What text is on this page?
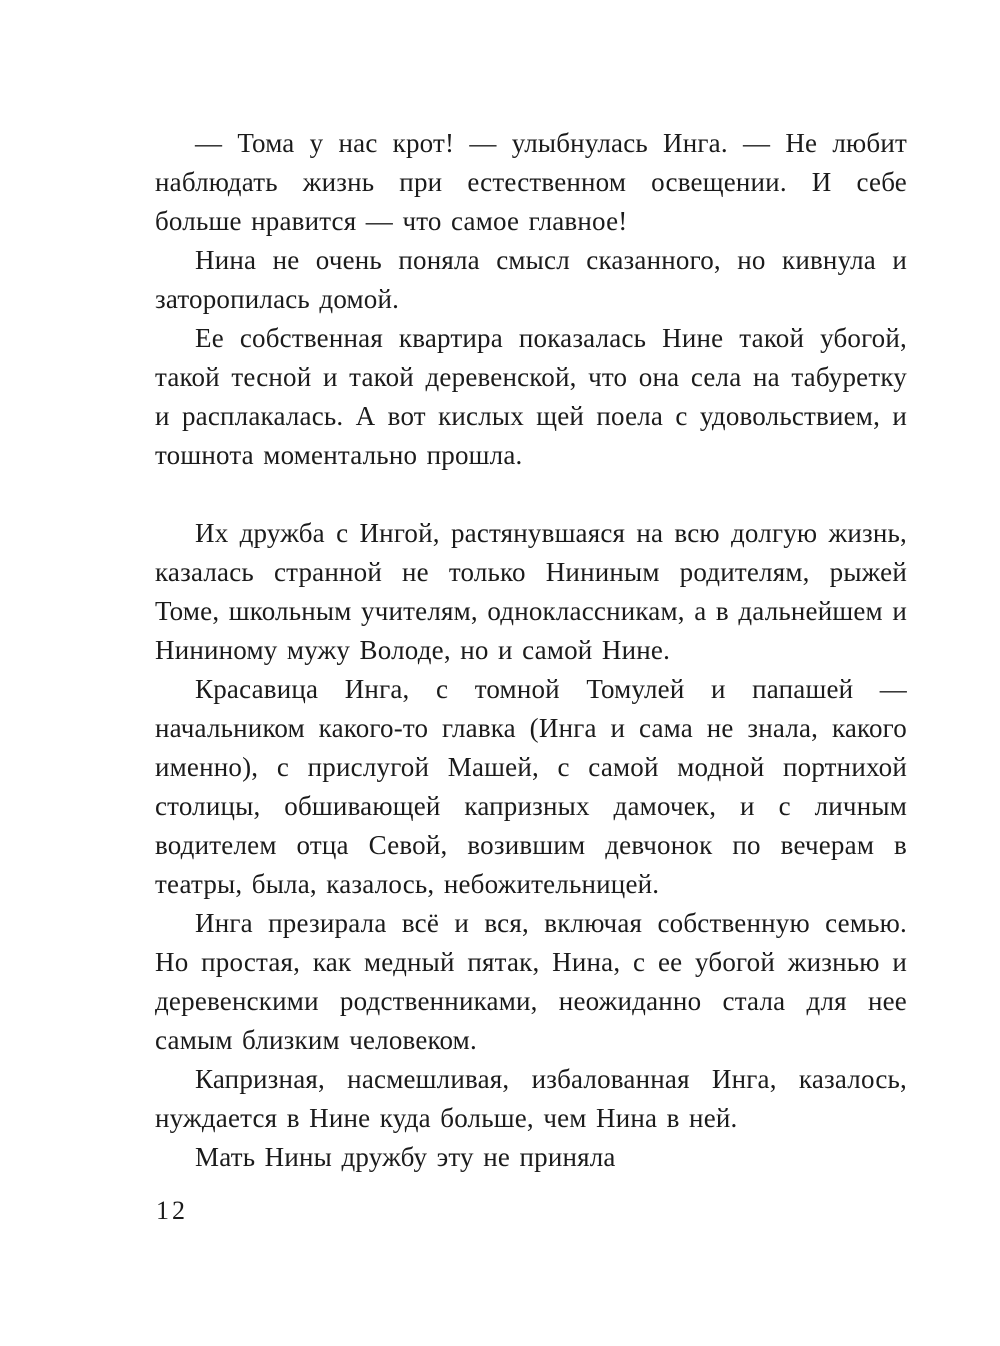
— Тома у нас крот! — улыбнулась Инга. — Не любит наблюдать жизнь при естественном освещении. И себе больше нравится — что самое главное!

Нина не очень поняла смысл сказанного, но кивнула и заторопилась домой.

Ее собственная квартира показалась Нине такой убогой, такой тесной и такой деревенской, что она села на табуретку и расплакалась. А вот кислых щей поела с удовольствием, и тошнота моментально прошла.

Их дружба с Ингой, растянувшаяся на всю долгую жизнь, казалась странной не только Нининым родителям, рыжей Томе, школьным учителям, одноклассникам, а в дальнейшем и Нининому мужу Володе, но и самой Нине.

Красавица Инга, с томной Томулей и папашей — начальником какого-то главка (Инга и сама не знала, какого именно), с прислугой Машей, с самой модной портнихой столицы, обшивающей капризных дамочек, и с личным водителем отца Севой, возившим девчонок по вечерам в театры, была, казалось, небожительницей.

Инга презирала всё и вся, включая собственную семью. Но простая, как медный пятак, Нина, с ее убогой жизнью и деревенскими родственниками, неожиданно стала для нее самым близким человеком.

Капризная, насмешливая, избалованная Инга, казалось, нуждается в Нине куда больше, чем Нина в ней.

Мать Нины дружбу эту не приняла

12
